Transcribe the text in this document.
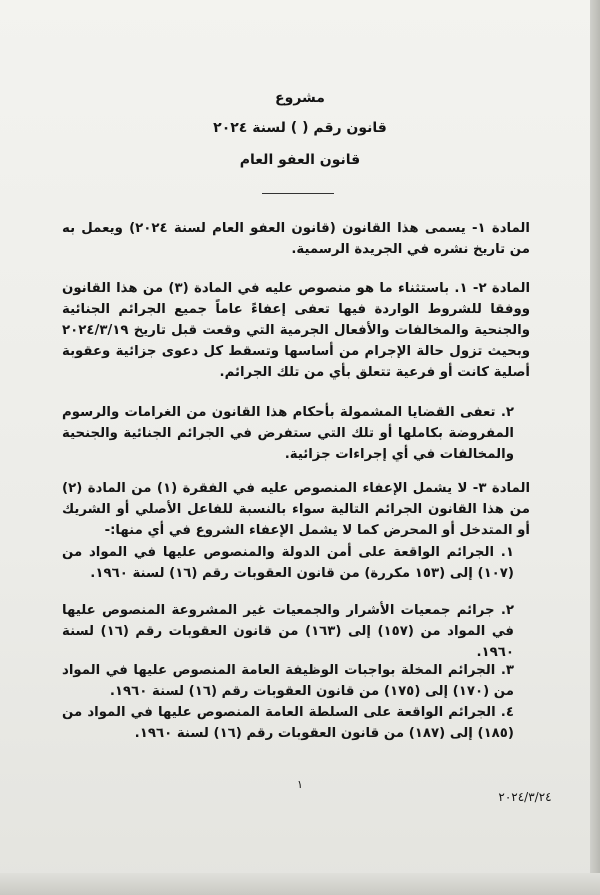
مشروع
قانون رقم ( ) لسنة ٢٠٢٤
قانون العفو العام
المادة ١- يسمى هذا القانون (قانون العفو العام لسنة ٢٠٢٤) ويعمل به من تاريخ نشره في الجريدة الرسمية.
المادة ٢- ١. باستثناء ما هو منصوص عليه في المادة (٣) من هذا القانون ووفقا للشروط الواردة فيها تعفى إعفاءً عاماً جميع الجرائم الجنائية والجنحية والمخالفات والأفعال الجرمية التي وقعت قبل تاريخ ٢٠٢٤/٣/١٩ وبحيث تزول حالة الإجرام من أساسها وتسقط كل دعوى جزائية وعقوبة أصلية كانت أو فرعية تتعلق بأي من تلك الجرائم.
٢. تعفى القضايا المشمولة بأحكام هذا القانون من الغرامات والرسوم المفروضة بكاملها أو تلك التي ستفرض في الجرائم الجنائية والجنحية والمخالفات في أي إجراءات جزائية.
المادة ٣- لا يشمل الإعفاء المنصوص عليه في الفقرة (١) من المادة (٢) من هذا القانون الجرائم التالية سواء بالنسبة للفاعل الأصلي أو الشريك أو المتدخل أو المحرض كما لا يشمل الإعفاء الشروع في أي منها:-
١. الجرائم الواقعة على أمن الدولة والمنصوص عليها في المواد من (١٠٧) إلى (١٥٣ مكررة) من قانون العقوبات رقم (١٦) لسنة ١٩٦٠.
٢. جرائم جمعيات الأشرار والجمعيات غير المشروعة المنصوص عليها في المواد من (١٥٧) إلى (١٦٣) من قانون العقوبات رقم (١٦) لسنة ١٩٦٠.
٣. الجرائم المخلة بواجبات الوظيفة العامة المنصوص عليها في المواد من (١٧٠) إلى (١٧٥) من قانون العقوبات رقم (١٦) لسنة ١٩٦٠.
٤. الجرائم الواقعة على السلطة العامة المنصوص عليها في المواد من (١٨٥) إلى (١٨٧) من قانون العقوبات رقم (١٦) لسنة ١٩٦٠.
١
٢٠٢٤/٣/٢٤
